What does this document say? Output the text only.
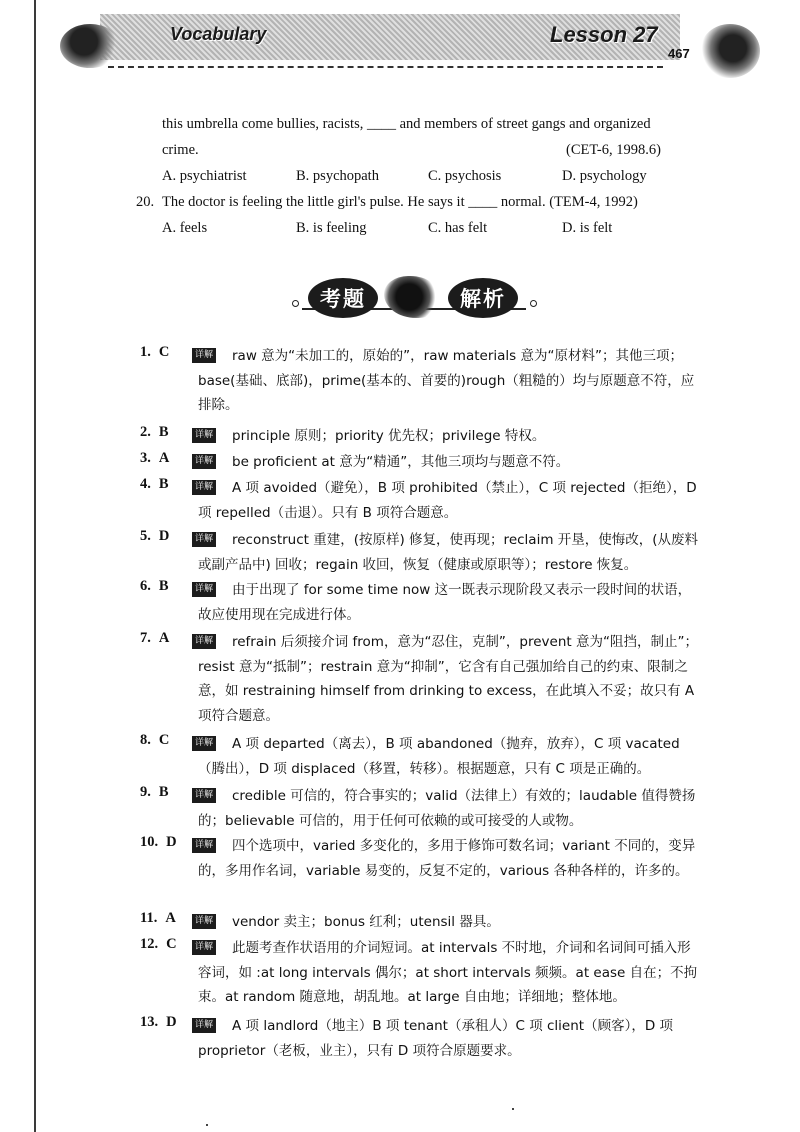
Vocabulary	Lesson 27
467
this umbrella come bullies, racists, ____ and members of street gangs and organized
crime.	(CET-6, 1998.6)
A. psychiatrist	B. psychopath	C. psychosis	D. psychology
20. The doctor is feeling the little girl's pulse. He says it ____ normal. (TEM-4, 1992)
A. feels	B. is feeling	C. has felt	D. is felt
考题	解析
1. C	详解	raw 意为“未加工的，原始的”，raw materials 意为“原材料”；其他三项；base(基础、底部)，prime(基本的、首要的)rough（粗糙的）均与原题意不符，应排除。
2. B	详解	principle 原则；priority 优先权；privilege 特权。
3. A	详解	be proficient at 意为“精通”，其他三项均与题意不符。
4. B	详解	A 项 avoided（避免），B 项 prohibited（禁止），C 项 rejected（拒绝），D 项 repelled（击退）。只有 B 项符合题意。
5. D	详解	reconstruct 重建，(按原样) 修复，使再现；reclaim 开垦，使悔改，(从废料或副产品中) 回收；regain 收回，恢复（健康或原职等）；restore 恢复。
6. B	详解	由于出现了 for some time now 这一既表示现阶段又表示一段时间的状语，故应使用现在完成进行体。
7. A	详解	refrain 后须接介词 from，意为“忍住，克制”，prevent 意为“阻挡，制止”；resist 意为“抵制”；restrain 意为“抑制”，它含有自己强加给自己的约束、限制之意，如 restraining himself from drinking to excess，在此填入不妥；故只有 A 项符合题意。
8. C	详解	A 项 departed（离去），B 项 abandoned（抛弃，放弃），C 项 vacated（腾出），D 项 displaced（移置，转移）。根据题意，只有 C 项是正确的。
9. B	详解	credible 可信的，符合事实的；valid（法律上）有效的；laudable 值得赞扬的；believable 可信的，用于任何可依赖的或可接受的人或物。
10. D	详解	四个选项中，varied 多变化的，多用于修饰可数名词；variant 不同的，变异的，多用作名词，variable 易变的，反复不定的，various 各种各样的，许多的。
11. A	详解	vendor 卖主；bonus 红利；utensil 器具。
12. C	详解	此题考查作状语用的介词短词。at intervals 不时地，介词和名词间可插入形容词，如 :at long intervals 偶尔；at short intervals 频频。at ease 自在；不拘束。at random 随意地，胡乱地。at large 自由地；详细地；整体地。
13. D	详解	A 项 landlord（地主）B 项 tenant（承租人）C 项 client（顾客），D 项 proprietor（老板，业主），只有 D 项符合原题要求。
